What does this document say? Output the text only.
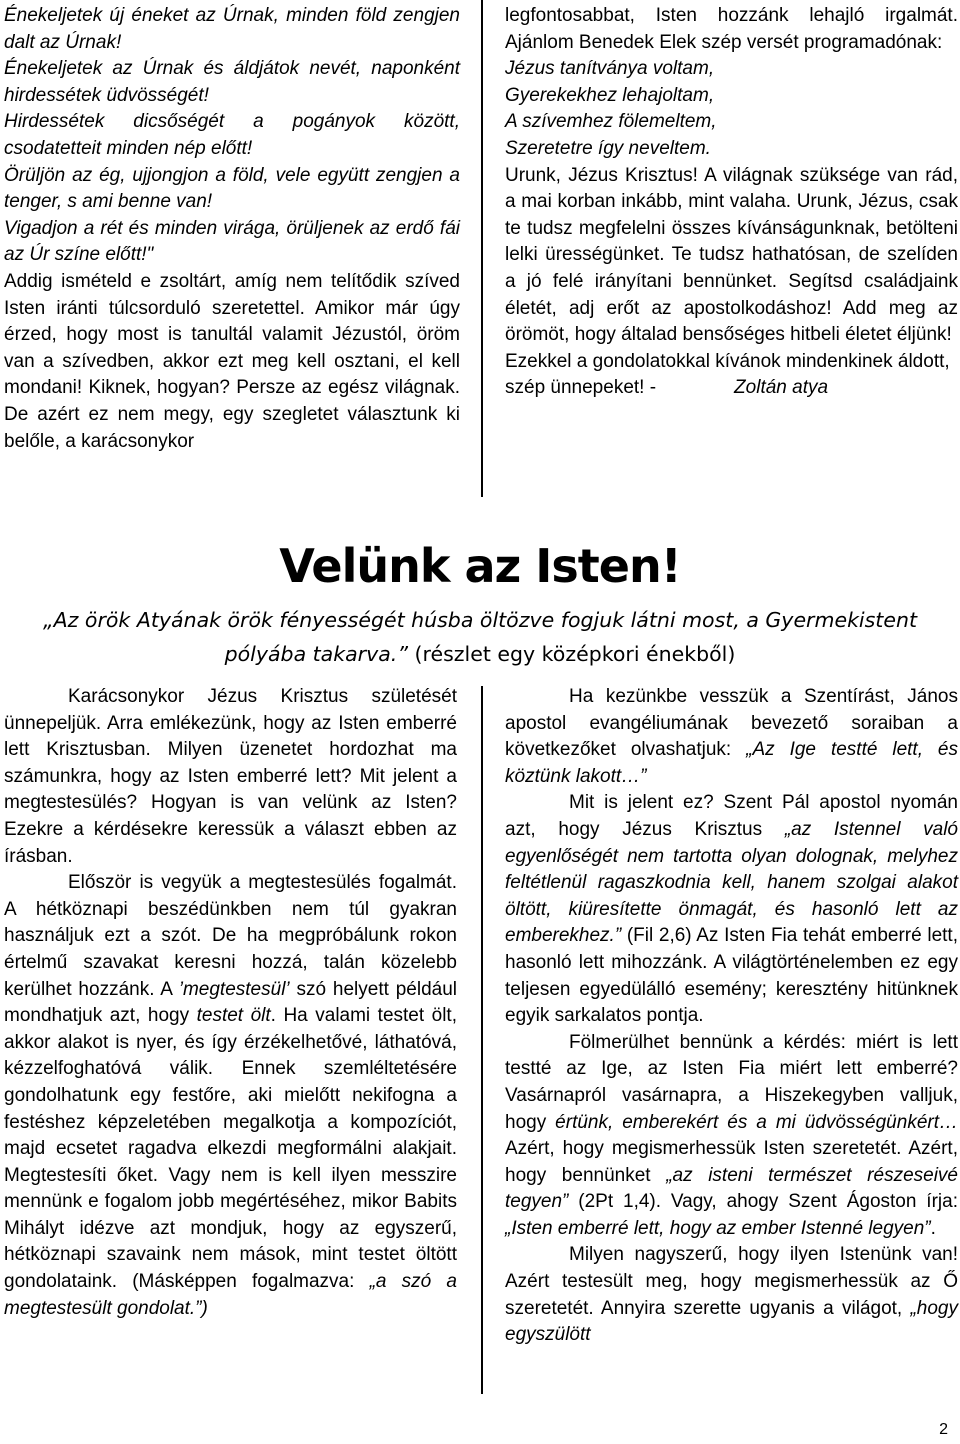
Énekeljetek új éneket az Úrnak, minden föld zengjen dalt az Úrnak!

Énekeljetek az Úrnak és áldjátok nevét, naponként hirdessétek üdvösségét!

Hirdessétek dicsőségét a pogányok között, csodatetteit minden nép előtt!

Örüljön az ég, ujjongjon a föld, vele együtt zengjen a tenger, s ami benne van!

Vigadjon a rét és minden virága, örüljenek az erdő fái az Úr színe előtt!"

Addig ismételd e zsoltárt, amíg nem telítődik szíved Isten iránti túlcsorduló szeretettel. Amikor már úgy érzed, hogy most is tanultál valamit Jézustól, öröm van a szívedben, akkor ezt meg kell osztani, el kell mondani! Kiknek, hogyan? Persze az egész világnak. De azért ez nem megy, egy szegletet választunk ki belőle, a karácsonykor

legfontosabbat, Isten hozzánk lehajló irgalmát. Ajánlom Benedek Elek szép versét programadónak:

Jézus tanítványa voltam,

Gyerekekhez lehajoltam,

A szívemhez fölemeltem,

Szeretetre így neveltem.

Urunk, Jézus Krisztus! A világnak szüksége van rád, a mai korban inkább, mint valaha. Urunk, Jézus, csak te tudsz megfelelni összes kívánságunknak, betölteni lelki ürességünket. Te tudsz hathatósan, de szelíden a jó felé irányítani bennünket. Segítsd családjaink életét, adj erőt az apostolkodáshoz! Add meg az örömöt, hogy általad bensőséges hitbeli életet éljünk!

Ezekkel a gondolatokkal kívánok mindenkinek áldott, szép ünnepeket! -	Zoltán atya

Velünk az Isten!
„Az örök Atyának örök fényességét húsba öltözve fogjuk látni most, a Gyermekistent pólyába takarva.” (részlet egy középkori énekből)

Karácsonykor Jézus Krisztus születését ünnepeljük. Arra emlékezünk, hogy az Isten emberré lett Krisztusban. Milyen üzenetet hordozhat ma számunkra, hogy az Isten emberré lett? Mit jelent a megtestesülés? Hogyan is van velünk az Isten? Ezekre a kérdésekre keressük a választ ebben az írásban.

Először is vegyük a megtestesülés fogalmát. A hétköznapi beszédünkben nem túl gyakran használjuk ezt a szót. De ha megpróbálunk rokon értelmű szavakat keresni hozzá, talán közelebb kerülhet hozzánk. A ’megtestesül’ szó helyett például mondhatjuk azt, hogy testet ölt. Ha valami testet ölt, akkor alakot is nyer, és így érzékelhetővé, láthatóvá, kézzelfoghatóvá válik. Ennek szemléltetésére gondolhatunk egy festőre, aki mielőtt nekifogna a festéshez képzeletében megalkotja a kompozíciót, majd ecsetet ragadva elkezdi megformálni alakjait. Megtestesíti őket. Vagy nem is kell ilyen messzire mennünk e fogalom jobb megértéséhez, mikor Babits Mihályt idézve azt mondjuk, hogy az egyszerű, hétköznapi szavaink nem mások, mint testet öltött gondolataink. (Másképpen fogalmazva: „a szó a megtestesült gondolat.”)

Ha kezünkbe vesszük a Szentírást, János apostol evangéliumának bevezető soraiban a következőket olvashatjuk: „Az Ige testté lett, és köztünk lakott…”

Mit is jelent ez? Szent Pál apostol nyomán azt, hogy Jézus Krisztus „az Istennel való egyenlőségét nem tartotta olyan dolognak, melyhez feltétlenül ragaszkodnia kell, hanem szolgai alakot öltött, kiüresítette önmagát, és hasonló lett az emberekhez.” (Fil 2,6) Az Isten Fia tehát emberré lett, hasonló lett mihozzánk. A világtörténelemben ez egy teljesen egyedülálló esemény; keresztény hitünknek egyik sarkalatos pontja.

Fölmerülhet bennünk a kérdés: miért is lett testté az Ige, az Isten Fia miért lett emberré? Vasárnapról vasárnapra, a Hiszekegyben valljuk, hogy értünk, emberekért és a mi üdvösségünkért… Azért, hogy megismerhessük Isten szeretetét. Azért, hogy bennünket „az isteni természet részeseivé tegyen” (2Pt 1,4). Vagy, ahogy Szent Ágoston írja: „Isten emberré lett, hogy az ember Istenné legyen”.

Milyen nagyszerű, hogy ilyen Istenünk van! Azért testesült meg, hogy megismerhessük az Ő szeretetét. Annyira szerette ugyanis a világot, „hogy egyszülött

2
